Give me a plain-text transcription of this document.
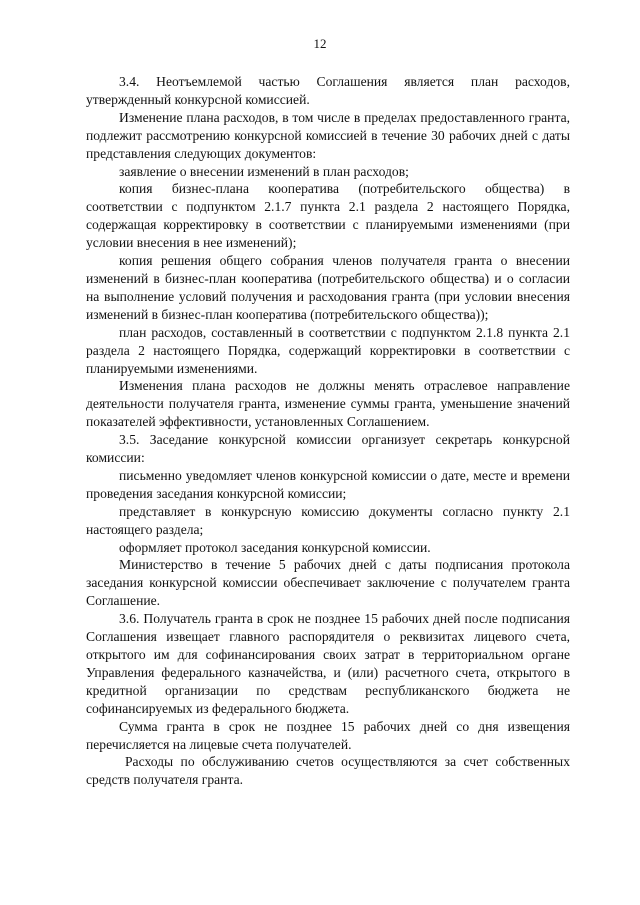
12

3.4. Неотъемлемой частью Соглашения является план расходов, утвержденный конкурсной комиссией.

Изменение плана расходов, в том числе в пределах предоставленного гранта, подлежит рассмотрению конкурсной комиссией в течение 30 рабочих дней с даты представления следующих документов:

заявление о внесении изменений в план расходов;

копия бизнес-плана кооператива (потребительского общества) в соответствии с подпунктом 2.1.7 пункта 2.1 раздела 2 настоящего Порядка, содержащая корректировку в соответствии с планируемыми изменениями (при условии внесения в нее изменений);

копия решения общего собрания членов получателя гранта о внесении изменений в бизнес-план кооператива (потребительского общества) и о согласии на выполнение условий получения и расходования гранта (при условии внесения изменений в бизнес-план кооператива (потребительского общества));

план расходов, составленный в соответствии с подпунктом 2.1.8 пункта 2.1 раздела 2 настоящего Порядка, содержащий корректировки в соответствии с планируемыми изменениями.

Изменения плана расходов не должны менять отраслевое направление деятельности получателя гранта, изменение суммы гранта, уменьшение значений показателей эффективности, установленных Соглашением.

3.5. Заседание конкурсной комиссии организует секретарь конкурсной комиссии:

письменно уведомляет членов конкурсной комиссии о дате, месте и времени проведения заседания конкурсной комиссии;

представляет в конкурсную комиссию документы согласно пункту 2.1 настоящего раздела;

оформляет протокол заседания конкурсной комиссии.

Министерство в течение 5 рабочих дней с даты подписания протокола заседания конкурсной комиссии обеспечивает заключение с получателем гранта Соглашение.

3.6. Получатель гранта в срок не позднее 15 рабочих дней после подписания Соглашения извещает главного распорядителя о реквизитах лицевого счета, открытого им для софинансирования своих затрат в территориальном органе Управления федерального казначейства, и (или) расчетного счета, открытого в кредитной организации по средствам республиканского бюджета не софинансируемых из федерального бюджета.

Сумма гранта в срок не позднее 15 рабочих дней со дня извещения перечисляется на лицевые счета получателей.

Расходы по обслуживанию счетов осуществляются за счет собственных средств получателя гранта.
